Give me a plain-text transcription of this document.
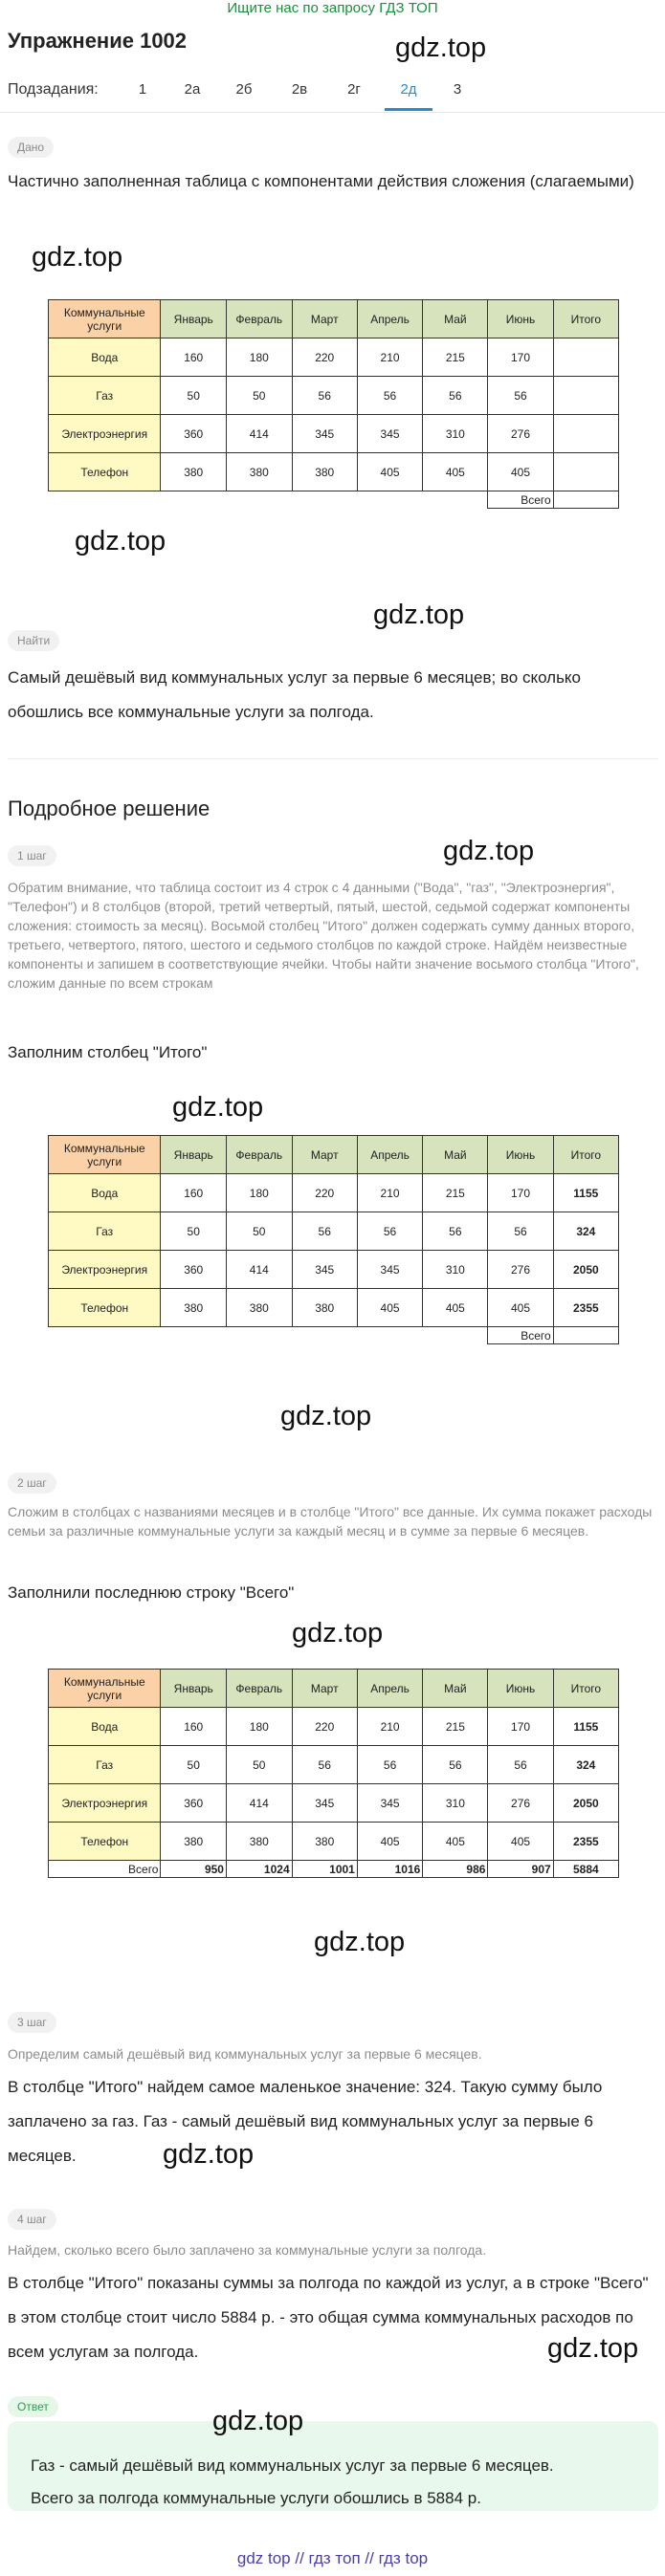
Ищите нас по запросу ГДЗ ТОП
Упражнение 1002	gdz.top
Подзадания:	1	2а	2б	2в	2г	2д	3
Дано
Частично заполненная таблица с компонентами действия сложения (слагаемыми)
gdz.top
Коммунальные услуги	Январь	Февраль	Март	Апрель	Май	Июнь	Итого
Вода	160	180	220	210	215	170	
Газ	50	50	56	56	56	56	
Электроэнергия	360	414	345	345	310	276	
Телефон	380	380	380	405	405	405	
						Всего	
gdz.top
Найти
gdz.top
Самый дешёвый вид коммунальных услуг за первые 6 месяцев; во сколько обошлись все коммунальные услуги за полгода.
Подробное решение
1 шаг	gdz.top
Обратим внимание, что таблица состоит из 4 строк с 4 данными ("Вода", "газ", "Электроэнергия", "Телефон") и 8 столбцов (второй, третий четвертый, пятый, шестой, седьмой содержат компоненты сложения: стоимость за месяц). Восьмой столбец "Итого" должен содержать сумму данных второго, третьего, четвертого, пятого, шестого и седьмого столбцов по каждой строке. Найдём неизвестные компоненты и запишем в соответствующие ячейки. Чтобы найти значение восьмого столбца "Итого", сложим данные по всем строкам
Заполним столбец "Итого"
gdz.top
Коммунальные услуги	Январь	Февраль	Март	Апрель	Май	Июнь	Итого
Вода	160	180	220	210	215	170	1155
Газ	50	50	56	56	56	56	324
Электроэнергия	360	414	345	345	310	276	2050
Телефон	380	380	380	405	405	405	2355
						Всего	
gdz.top
2 шаг
Сложим в столбцах с названиями месяцев и в столбце "Итого" все данные. Их сумма покажет расходы семьи за различные коммунальные услуги за каждый месяц и в сумме за первые 6 месяцев.
Заполнили последнюю строку "Всего"
gdz.top
Коммунальные услуги	Январь	Февраль	Март	Апрель	Май	Июнь	Итого
Вода	160	180	220	210	215	170	1155
Газ	50	50	56	56	56	56	324
Электроэнергия	360	414	345	345	310	276	2050
Телефон	380	380	380	405	405	405	2355
Всего	950	1024	1001	1016	986	907	5884
gdz.top
3 шаг
Определим самый дешёвый вид коммунальных услуг за первые 6 месяцев.
В столбце "Итого" найдем самое маленькое значение: 324. Такую сумму было заплачено за газ. Газ - самый дешёвый вид коммунальных услуг за первые 6 месяцев.	gdz.top
4 шаг
Найдем, сколько всего было заплачено за коммунальные услуги за полгода.
В столбце "Итого" показаны суммы за полгода по каждой из услуг, а в строке "Всего" в этом столбце стоит число 5884 р. - это общая сумма коммунальных расходов по всем услугам за полгода.	gdz.top
Ответ	gdz.top
Газ - самый дешёвый вид коммунальных услуг за первые 6 месяцев.
Всего за полгода коммунальные услуги обошлись в 5884 р.
gdz top // гдз топ // гдз top
